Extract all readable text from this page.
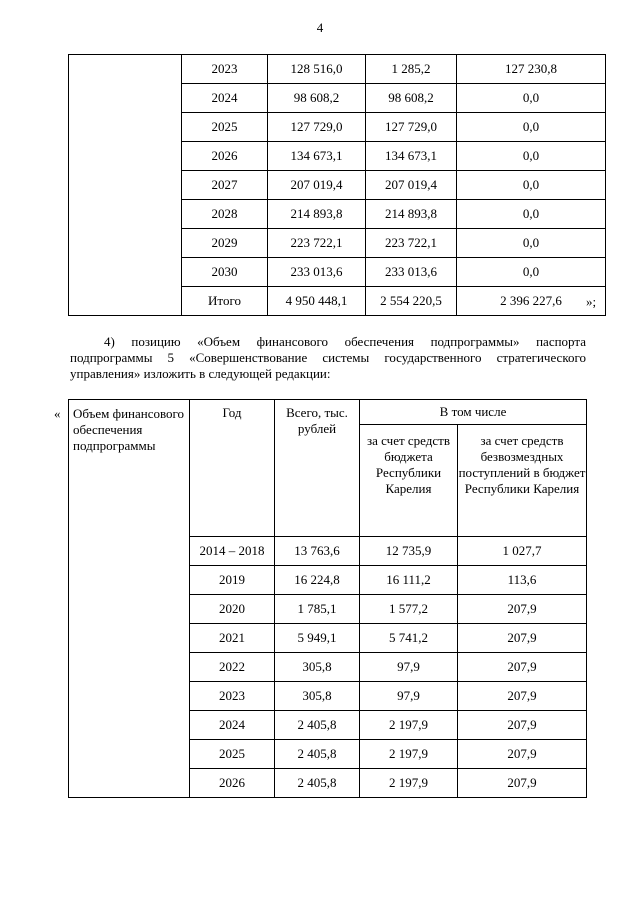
4
	2023	128 516,0	1 285,2	127 230,8
	2024	98 608,2	98 608,2	0,0
	2025	127 729,0	127 729,0	0,0
	2026	134 673,1	134 673,1	0,0
	2027	207 019,4	207 019,4	0,0
	2028	214 893,8	214 893,8	0,0
	2029	223 722,1	223 722,1	0,0
	2030	233 013,6	233 013,6	0,0
	Итого	4 950 448,1	2 554 220,5	2 396 227,6 »;
4) позицию «Объем финансового обеспечения подпрограммы» паспорта подпрограммы 5 «Совершенствование системы государственного стратегического управления» изложить в следующей редакции:
« Объем финансового обеспечения подпрограммы	Год	Всего, тыс. рублей	В том числе	
			за счет средств бюджета Республики Карелия	за счет средств безвозмездных поступлений в бюджет Республики Карелия
	2014 – 2018	13 763,6	12 735,9	1 027,7
	2019	16 224,8	16 111,2	113,6
	2020	1 785,1	1 577,2	207,9
	2021	5 949,1	5 741,2	207,9
	2022	305,8	97,9	207,9
	2023	305,8	97,9	207,9
	2024	2 405,8	2 197,9	207,9
	2025	2 405,8	2 197,9	207,9
	2026	2 405,8	2 197,9	207,9
